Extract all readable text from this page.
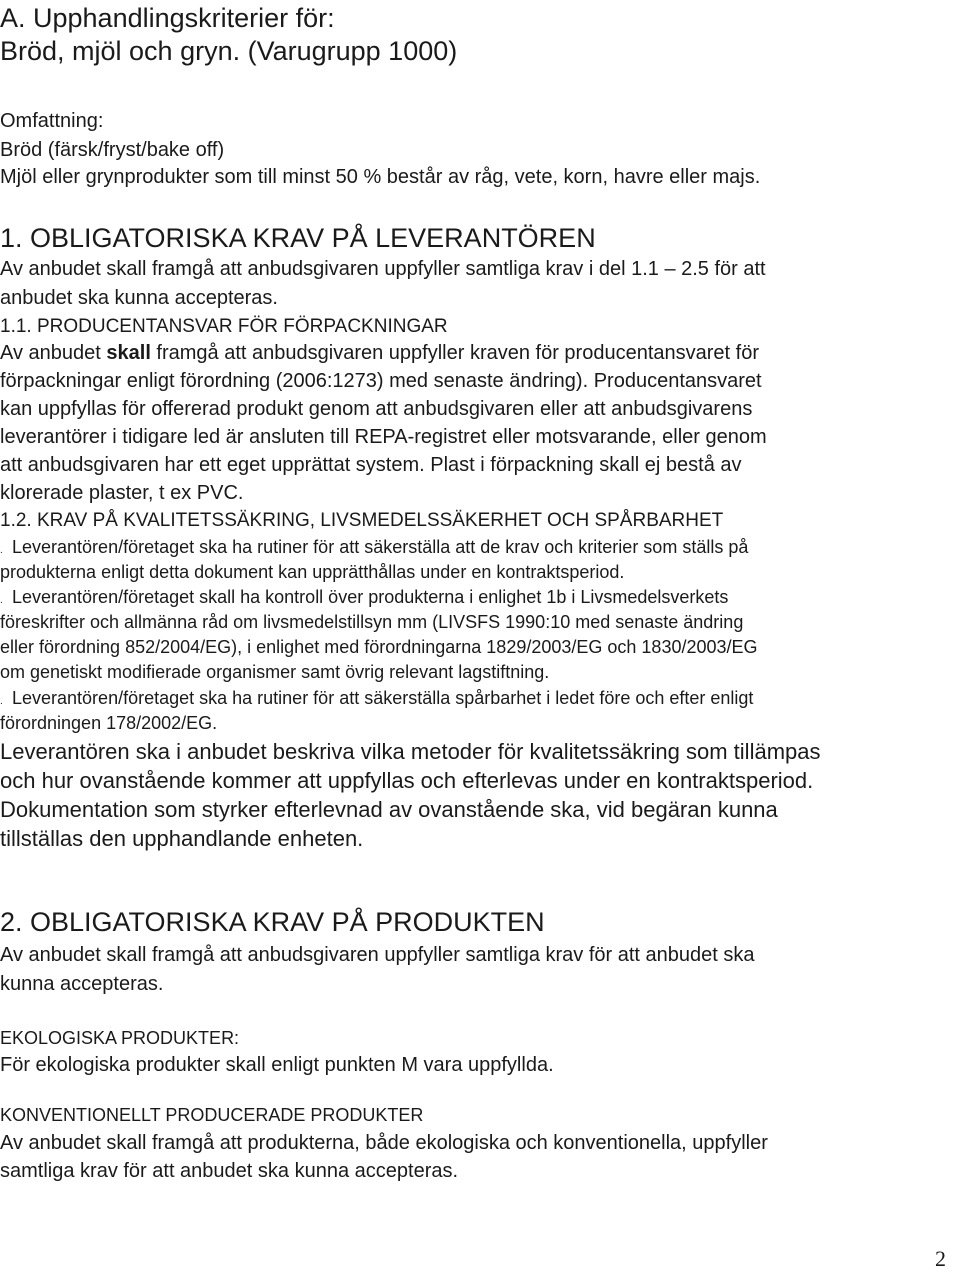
A. Upphandlingskriterier för:
Bröd, mjöl och gryn. (Varugrupp 1000)
Omfattning:
Bröd (färsk/fryst/bake off)
Mjöl eller grynprodukter som till minst 50 % består av råg, vete, korn, havre eller majs.
1. OBLIGATORISKA KRAV PÅ LEVERANTÖREN
Av anbudet skall framgå att anbudsgivaren uppfyller samtliga krav i del 1.1 – 2.5 för att
anbudet ska kunna accepteras.
1.1. PRODUCENTANSVAR FÖR FÖRPACKNINGAR
Av anbudet skall framgå att anbudsgivaren uppfyller kraven för producentansvaret för
förpackningar enligt förordning (2006:1273) med senaste ändring). Producentansvaret
kan uppfyllas för offererad produkt genom att anbudsgivaren eller att anbudsgivarens
leverantörer i tidigare led är ansluten till REPA-registret eller motsvarande, eller genom
att anbudsgivaren har ett eget upprättat system. Plast i förpackning skall ej bestå av
klorerade plaster, t ex PVC.
1.2. KRAV PÅ KVALITETSSÄKRING, LIVSMEDELSSÄKERHET OCH SPÅRBARHET
. Leverantören/företaget ska ha rutiner för att säkerställa att de krav och kriterier som ställs på
produkterna enligt detta dokument kan upprätthållas under en kontraktsperiod.
. Leverantören/företaget skall ha kontroll över produkterna i enlighet 1b i Livsmedelsverkets
föreskrifter och allmänna råd om livsmedelstillsyn mm (LIVSFS 1990:10 med senaste ändring
eller förordning 852/2004/EG), i enlighet med förordningarna 1829/2003/EG och 1830/2003/EG
om genetiskt modifierade organismer samt övrig relevant lagstiftning.
. Leverantören/företaget ska ha rutiner för att säkerställa spårbarhet i ledet före och efter enligt
förordningen 178/2002/EG.
Leverantören ska i anbudet beskriva vilka metoder för kvalitetssäkring som tillämpas
och hur ovanstående kommer att uppfyllas och efterlevas under en kontraktsperiod.
Dokumentation som styrker efterlevnad av ovanstående ska, vid begäran kunna
tillställas den upphandlande enheten.
2. OBLIGATORISKA KRAV PÅ PRODUKTEN
Av anbudet skall framgå att anbudsgivaren uppfyller samtliga krav för att anbudet ska
kunna accepteras.
EKOLOGISKA PRODUKTER:
För ekologiska produkter skall enligt punkten M vara uppfyllda.
KONVENTIONELLT PRODUCERADE PRODUKTER
Av anbudet skall framgå att produkterna, både ekologiska och konventionella, uppfyller
samtliga krav för att anbudet ska kunna accepteras.
2
